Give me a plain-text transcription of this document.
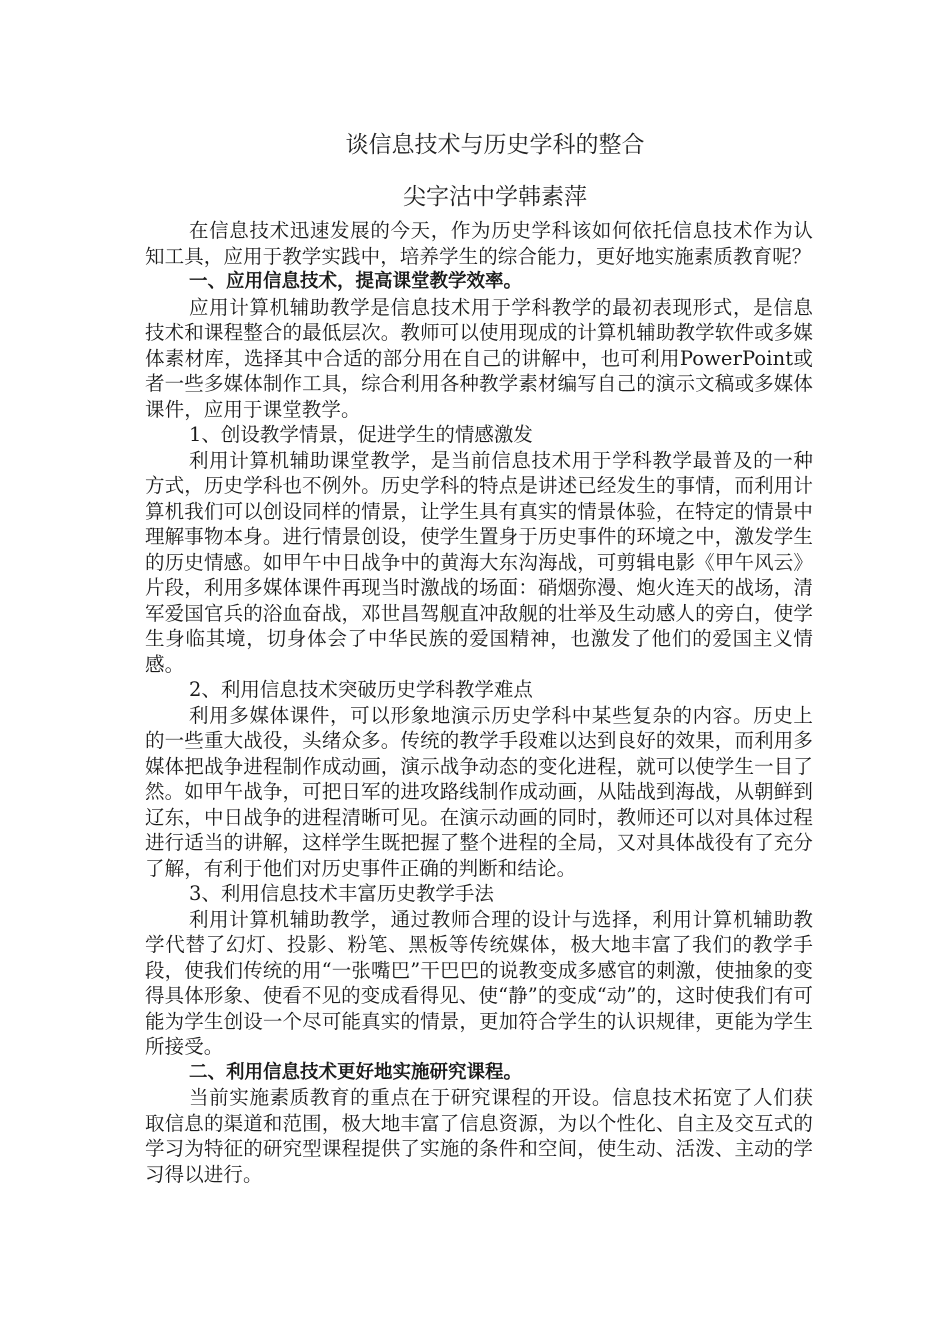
谈信息技术与历史学科的整合
尖字沽中学韩素萍

在信息技术迅速发展的今天，作为历史学科该如何依托信息技术作为认知工具，应用于教学实践中，培养学生的综合能力，更好地实施素质教育呢？

一、应用信息技术，提高课堂教学效率。

应用计算机辅助教学是信息技术用于学科教学的最初表现形式，是信息技术和课程整合的最低层次。教师可以使用现成的计算机辅助教学软件或多媒体素材库，选择其中合适的部分用在自己的讲解中，也可利用PowerPoint或者一些多媒体制作工具，综合利用各种教学素材编写自己的演示文稿或多媒体课件，应用于课堂教学。

1、创设教学情景，促进学生的情感激发

利用计算机辅助课堂教学，是当前信息技术用于学科教学最普及的一种方式，历史学科也不例外。历史学科的特点是讲述已经发生的事情，而利用计算机我们可以创设同样的情景，让学生具有真实的情景体验，在特定的情景中理解事物本身。进行情景创设，使学生置身于历史事件的环境之中，激发学生的历史情感。如甲午中日战争中的黄海大东沟海战，可剪辑电影《甲午风云》片段，利用多媒体课件再现当时激战的场面：硝烟弥漫、炮火连天的战场，清军爱国官兵的浴血奋战，邓世昌驾舰直冲敌舰的壮举及生动感人的旁白，使学生身临其境，切身体会了中华民族的爱国精神，也激发了他们的爱国主义情感。

2、利用信息技术突破历史学科教学难点

利用多媒体课件，可以形象地演示历史学科中某些复杂的内容。历史上的一些重大战役，头绪众多。传统的教学手段难以达到良好的效果，而利用多媒体把战争进程制作成动画，演示战争动态的变化进程，就可以使学生一目了然。如甲午战争，可把日军的进攻路线制作成动画，从陆战到海战，从朝鲜到辽东，中日战争的进程清晰可见。在演示动画的同时，教师还可以对具体过程进行适当的讲解，这样学生既把握了整个进程的全局，又对具体战役有了充分了解，有利于他们对历史事件正确的判断和结论。

3、利用信息技术丰富历史教学手法

利用计算机辅助教学，通过教师合理的设计与选择，利用计算机辅助教学代替了幻灯、投影、粉笔、黑板等传统媒体，极大地丰富了我们的教学手段，使我们传统的用“一张嘴巴”干巴巴的说教变成多感官的刺激，使抽象的变得具体形象、使看不见的变成看得见、使“静”的变成“动”的，这时使我们有可能为学生创设一个尽可能真实的情景，更加符合学生的认识规律，更能为学生所接受。

二、利用信息技术更好地实施研究课程。

当前实施素质教育的重点在于研究课程的开设。信息技术拓宽了人们获取信息的渠道和范围，极大地丰富了信息资源，为以个性化、自主及交互式的学习为特征的研究型课程提供了实施的条件和空间，使生动、活泼、主动的学习得以进行。
